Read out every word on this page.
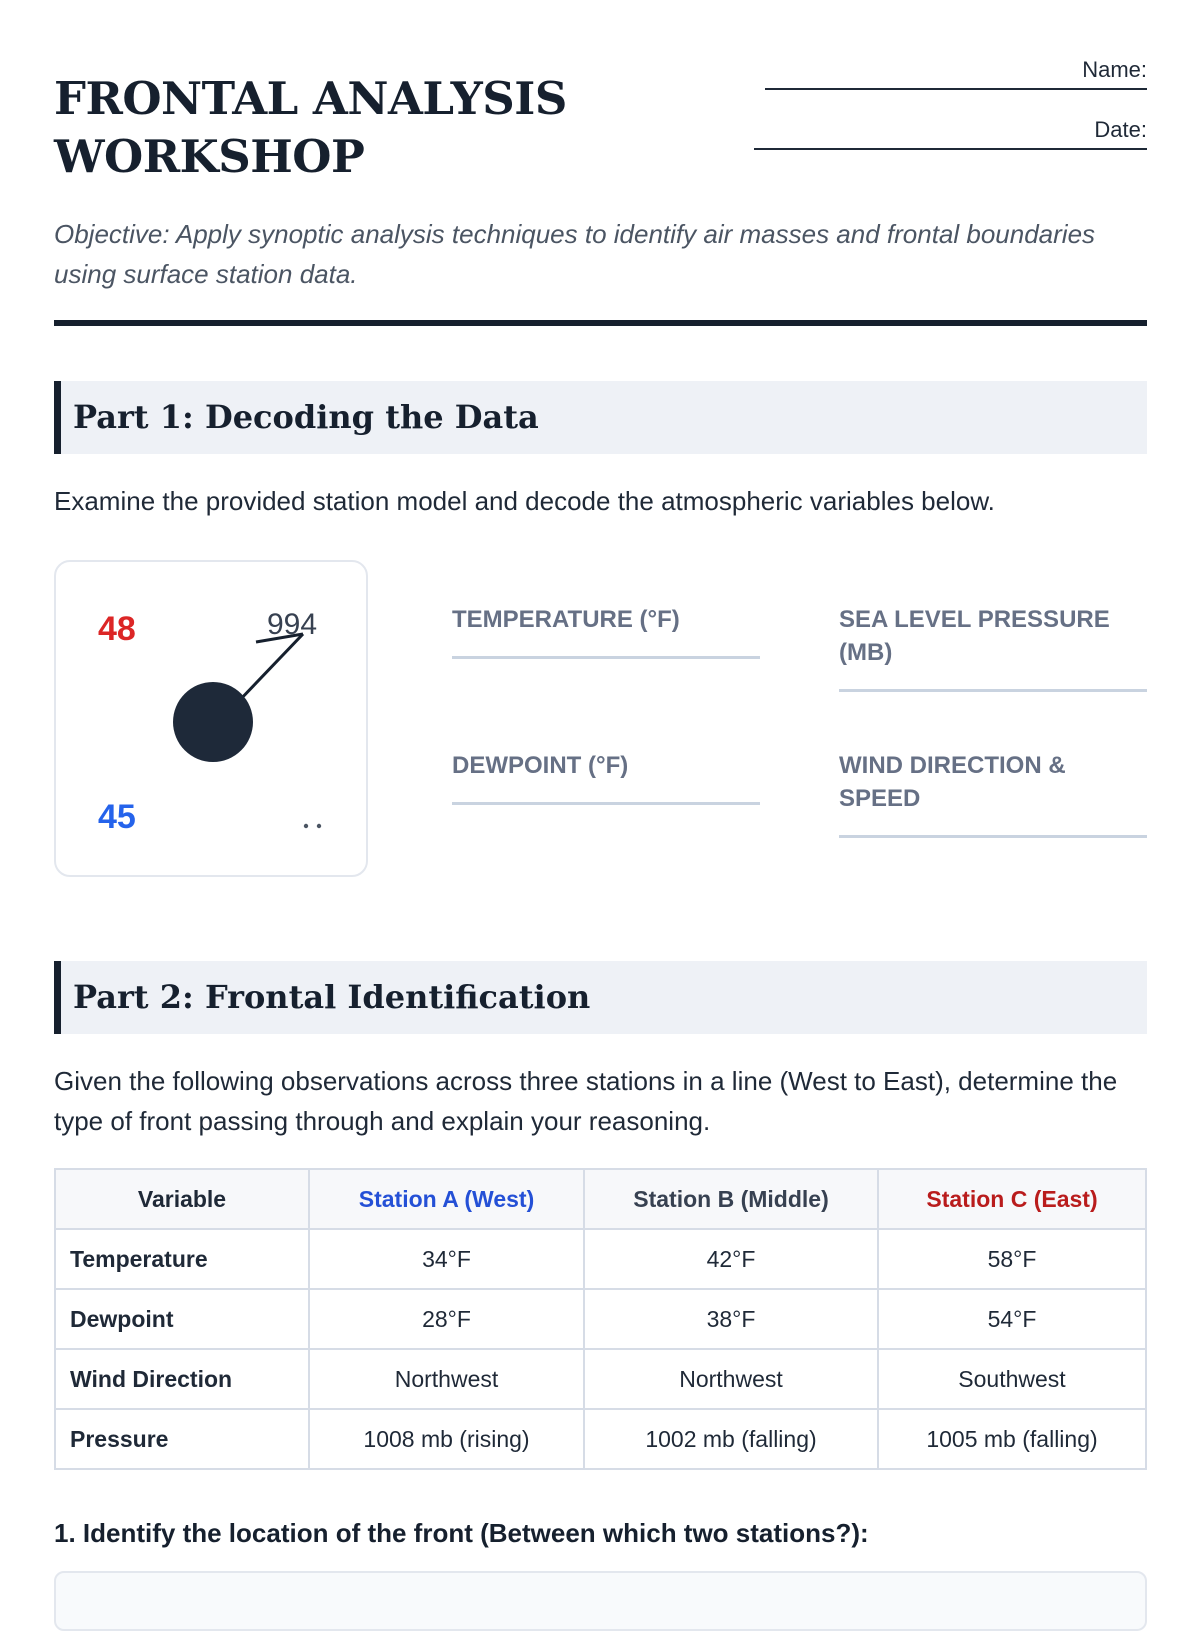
FRONTAL ANALYSIS
WORKSHOP
Name:
Date:
Objective: Apply synoptic analysis techniques to identify air masses and frontal boundaries using surface station data.
Part 1: Decoding the Data
Examine the provided station model and decode the atmospheric variables below.
48	994
45
TEMPERATURE (°F)	SEA LEVEL PRESSURE (MB)
DEWPOINT (°F)	WIND DIRECTION & SPEED
Part 2: Frontal Identification
Given the following observations across three stations in a line (West to East), determine the type of front passing through and explain your reasoning.
Variable	Station A (West)	Station B (Middle)	Station C (East)
Temperature	34°F	42°F	58°F
Dewpoint	28°F	38°F	54°F
Wind Direction	Northwest	Northwest	Southwest
Pressure	1008 mb (rising)	1002 mb (falling)	1005 mb (falling)
1. Identify the location of the front (Between which two stations?):
